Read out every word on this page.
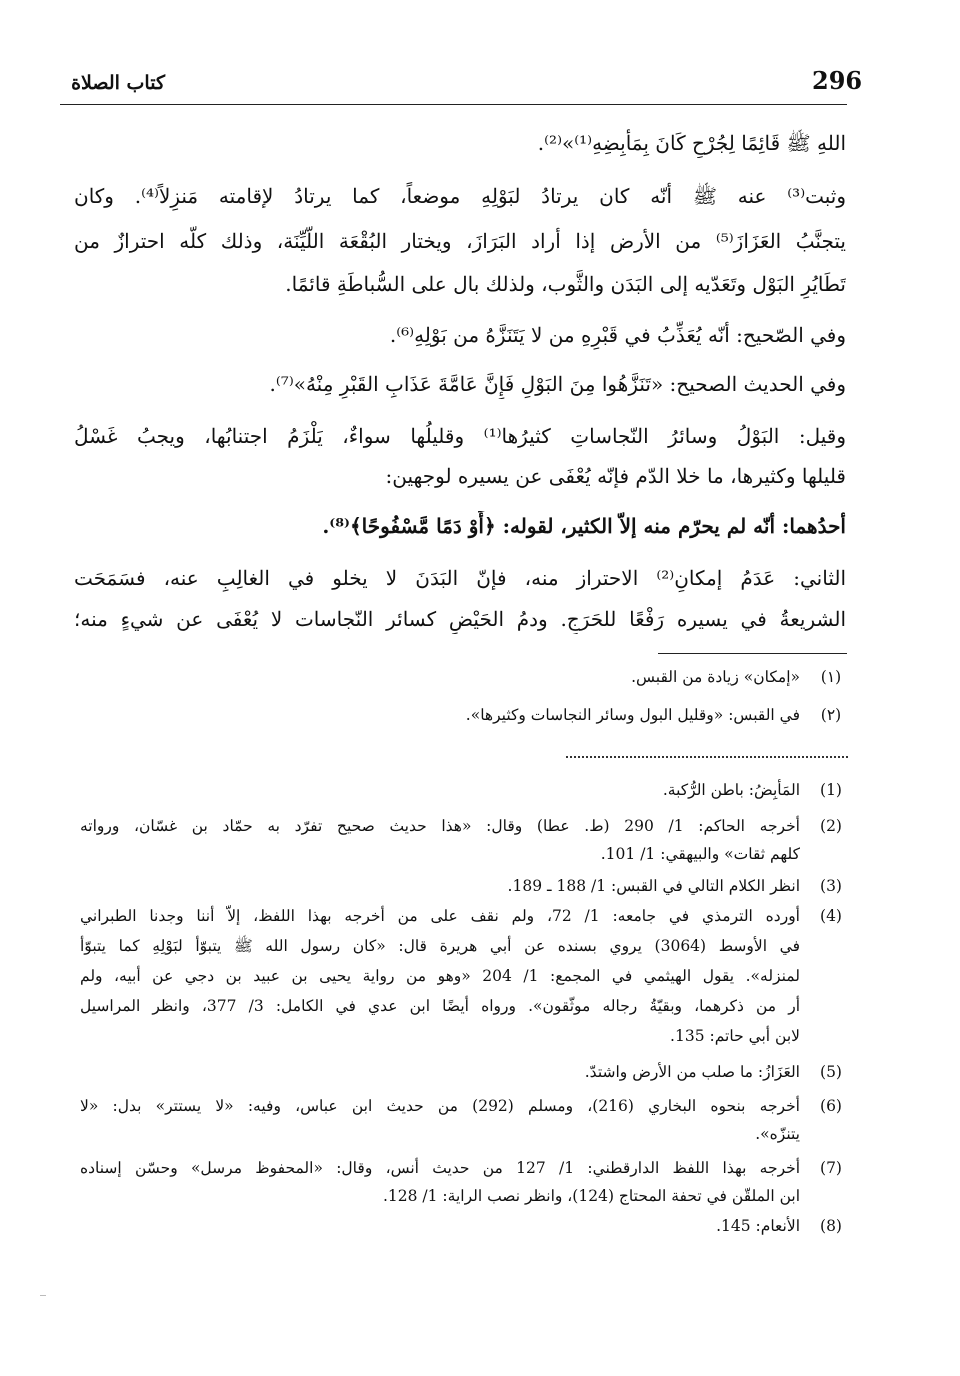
296
كتاب الصلاة
اللهِ ﷺ قَائِمًا لِجُرْحٍ كَانَ بِمَأْبِضِهِ⁽¹⁾»⁽²⁾.
وثبت⁽³⁾ عنه ﷺ أنّه كان يرتادُ لبَوْلِهِ موضعاً، كما يرتادُ لإقامته مَنزِلاً⁽⁴⁾. وكان
يتجنَّبُ العَزَازَ⁽⁵⁾ من الأرض إذا أراد البَرَازَ، ويختار البُقْعَة اللَّيِّنَة، وذلك كلّه احترازٌ من
تَطَايُرِ البَوْل وتَعَدّيه إلى البَدَن والثَّوب، ولذلك بال على السُّباطَةِ قائمًا.
وفي الصّحيح: أنّه يُعَذِّبُ في قَبْرِهِ من لا يَتَنَزَّهُ من بَوْلِهِ⁽⁶⁾.
وفي الحديث الصحيح: «تَنَزَّهُوا مِنَ البَوْلِ فَإِنَّ عَامَّةَ عَذَابِ القَبْرِ مِنْهُ»⁽⁷⁾.
وقيل: البَوْلُ وسائرُ النّجاساتِ كثيرُها⁽¹⁾ وقليلُها سواءٌ، يَلْزَمُ اجتنابُها، ويجبُ غَسْلُ
قليلها وكثيرها، ما خلا الدّم فإنّه يُعْفَى عن يسيره لوجهين:
أحدُهما: أنّه لم يحرّم منه إلاّ الكثير، لقوله: ﴿أَوْ دَمًا مَّسْفُوحًا﴾⁽⁸⁾.
الثاني: عَدَمُ إمكانِ⁽²⁾ الاحتراز منه، فإنّ البَدَنَ لا يخلو في الغالِبِ عنه، فسَمَحَت
الشريعةُ في يسيره رَفْعًا للحَرَجِ. ودمُ الحَيْضِ كسائر النّجاسات لا يُعْفَى عن شيءٍ منه؛
(١)
«إمكان» زيادة من القبس.
(٢)
في القبس: «وقليل البول وسائر النجاسات وكثيرها».
(1)
المَأْبِضُ: باطن الرُّكبة.
(2)
أخرجه الحاكم: 1/ 290 (ط. عطا) وقال: «هذا حديث صحيح تفرّد به حمّاد بن غسّان، ورواته
كلهم ثقات» والبيهقي: 1/ 101.
(3)
انظر الكلام التالي في القبس: 1/ 188 ـ 189.
(4)
أورده الترمذي في جامعه: 1/ 72، ولم نقف على من أخرجه بهذا اللفظ، إلاّ أننا وجدنا الطبراني
في الأوسط (3064) يروي بسنده عن أبي هريرة قال: «كان رسول الله ﷺ يتبوّأ لبَوْلِهِ كما يتبوّأ
لمنزله». يقول الهيثمي في المجمع: 1/ 204 «وهو من رواية يحيى بن عبيد بن دجي عن أبيه، ولم
أر من ذكرهما، وبقيّةُ رجاله موثّقون». ورواه أيضًا ابن عدي في الكامل: 3/ 377، وانظر المراسيل
لابن أبي حاتم: 135.
(5)
العَزَازُ: ما صلب من الأرض واشتدّ.
(6)
أخرجه بنحوه البخاري (216)، ومسلم (292) من حديث ابن عباس، وفيه: «لا يستتر» بدل: «لا
يتنزّه».
(7)
أخرجه بهذا اللفظ الدارقطني: 1/ 127 من حديث أنس، وقال: «المحفوظ مرسل» وحسّن إسناده
ابن الملقّن في تحفة المحتاج (124)، وانظر نصب الراية: 1/ 128.
(8)
الأنعام: 145.
